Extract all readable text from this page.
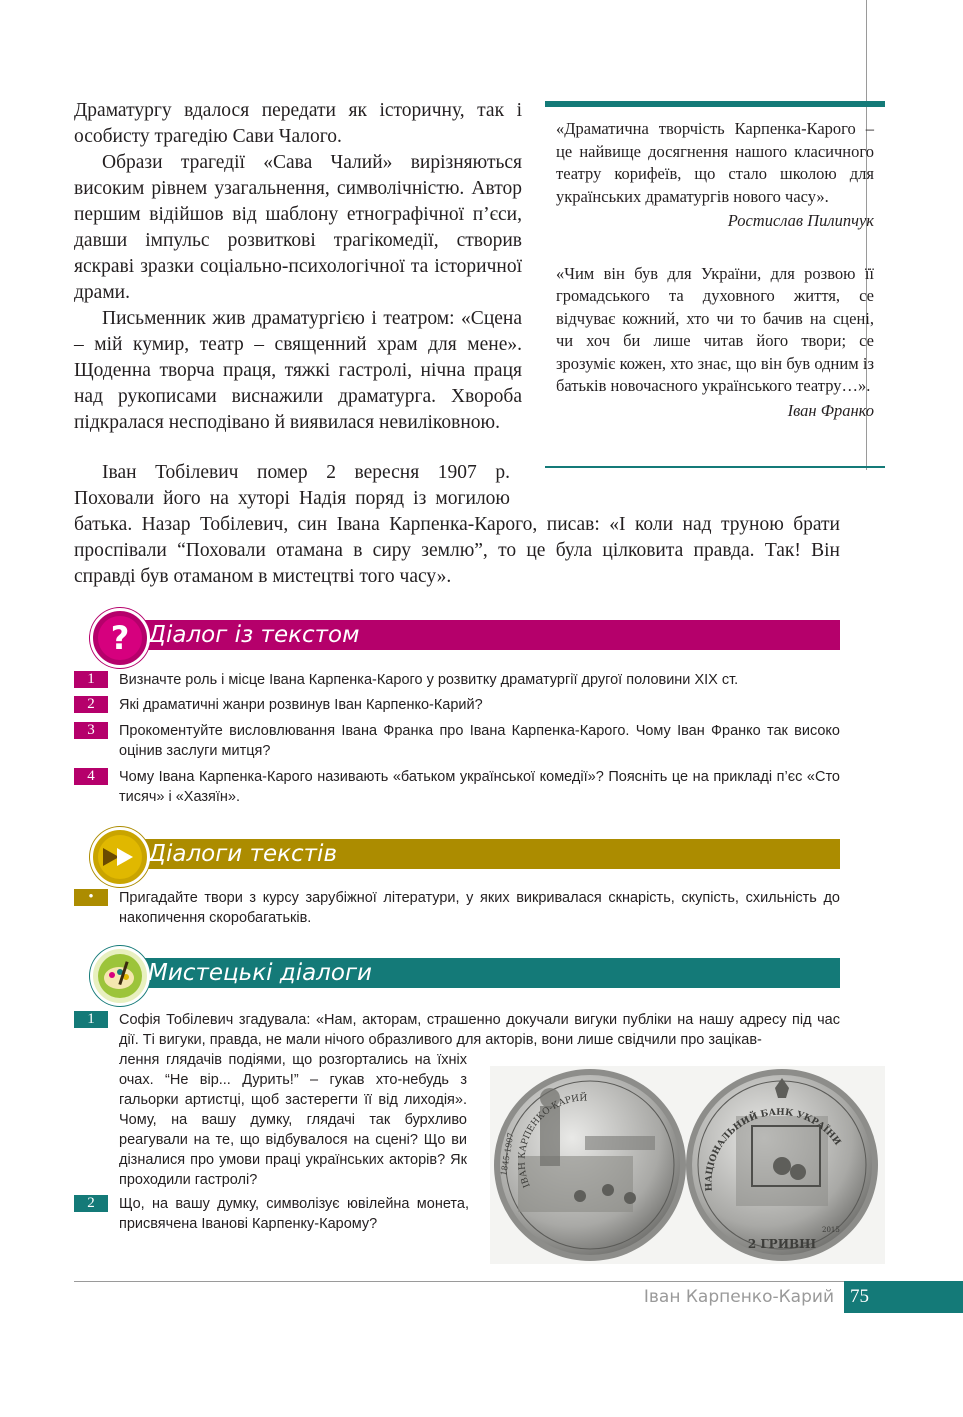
Драматургу вдалося передати як історичну, так і особисту трагедію Сави Чалого.

Образи трагедії «Сава Чалий» вирізняються високим рівнем узагальнення, символічністю. Автор першим відійшов від шаблону етнографічної п’єси, давши імпульс розвиткові трагікомедії, створив яскраві зразки соціально-психологічної та історичної драми.

Письменник жив драматургією і театром: «Сцена – мій кумир, театр – священний храм для мене». Щоденна творча праця, тяжкі гастролі, нічна праця над рукописами виснажили драматурга. Хвороба підкралася несподівано й виявилася невиліковною.

«Драматична творчість Карпенка-Карого – це найвище досягнення нашого класичного театру корифеїв, що стало школою для українських драматургів нового часу».

Ростислав Пилипчук

«Чим він був для України, для розвою її громадського та духовного життя, се відчуває кожний, хто чи то бачив на сцені, чи хоч би лише читав його твори; се зрозуміє кожен, хто знає, що він був одним із батьків новочасного українського театру…».

Іван Франко

Іван Тобілевич помер 2 вересня 1907 р. Поховали його на хуторі Надія поряд із могилою батька. Назар Тобілевич, син Івана Карпенка-Карого, писав: «І коли над труною брати проспівали “Поховали отамана в сиру землю”, то це була цілковита правда. Так! Він справді був отаманом в мистецтві того часу».

? Діалог із текстом
1	Визначте роль і місце Івана Карпенка-Карого у розвитку драматургії другої половини XIX ст.
2	Які драматичні жанри розвинув Іван Карпенко-Карий?
3	Прокоментуйте висловлювання Івана Франка про Івана Карпенка-Карого. Чому Іван Франко так високо оцінив заслуги митця?
4	Чому Івана Карпенка-Карого називають «батьком української комедії»? Поясніть це на прикладі п’єс «Сто тисяч» і «Хазяїн».
Діалоги текстів
•	Пригадайте твори з курсу зарубіжної літератури, у яких викривалася скнарість, скупість, схильність до накопичення скоробагатьків.
Мистецькі діалоги
1	Софія Тобілевич згадувала: «Нам, акторам, страшенно докучали вигуки публіки на нашу адресу під час дії. Ті вигуки, правда, не мали нічого образливого для акторів, вони лише свідчили про зацікав-
лення глядачів подіями, що розгортались на їхніх очах. “Не вір... Дурить!” – гукав хто-небудь з гальорки артистці, щоб застерегти її від лиходія». Чому, на вашу думку, глядачі так бурхливо реагували на те, що відбувалося на сцені? Що ви дізналися про умови праці українських акторів? Як проходили гастролі?
2	Що, на вашу думку, символізує ювілейна монета, присвячена Іванові Карпенку-Карому?
ІВАН КАРПЕНКО-КАРИЙ
1845-1907
НАЦІОНАЛЬНИЙ БАНК УКРАЇНИ
2 ГРИВНІ
2015
Іван Карпенко-Карий 75
